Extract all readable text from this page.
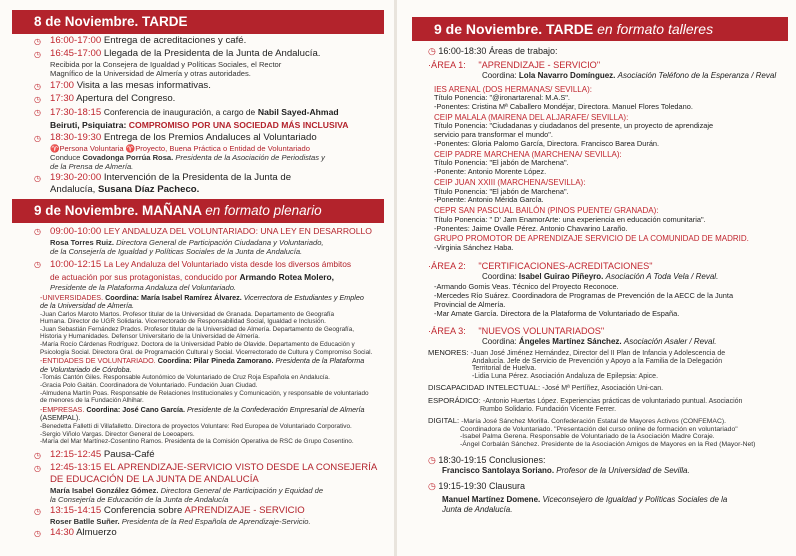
8 de Noviembre. TARDE
◷ 16:00-17:00 Entrega de acreditaciones y café.
◷ 16:45-17:00 Llegada de la Presidenta de la Junta de Andalucía.
Recibida por la Consejera de Igualdad y Políticas Sociales, el Rector
Magnífico de la Universidad de Almería y otras autoridades.
◷ 17:00 Visita a las mesas informativas.
◷ 17:30 Apertura del Congreso.
◷ 17:30-18:15 Conferencia de inauguración, a cargo de Nabil Sayed-Ahmad
Beiruti, Psiquiatra: COMPROMISO POR UNA SOCIEDAD MÁS INCLUSIVA
◷ 18:30-19:30 Entrega de los Premios Andaluces al Voluntariado
♈Persona Voluntaria ♈Proyecto, Buena Práctica o Entidad de Voluntariado
Conduce Covadonga Porrúa Rosa. Presidenta de la Asociación de Periodistas y
de la Prensa de Almería.
◷ 19:30-20:00 Intervención de la Presidenta de la Junta de
Andalucía, Susana Díaz Pacheco.
9 de Noviembre. MAÑANA en formato plenario
◷ 09:00-10:00 LEY ANDALUZA DEL VOLUNTARIADO: UNA LEY EN DESARROLLO
Rosa Torres Ruiz. Directora General de Participación Ciudadana y Voluntariado,
de la Consejería de Igualdad y Políticas Sociales de la Junta de Andalucía.
◷ 10:00-12:15 La Ley Andaluza del Voluntariado vista desde los diversos ámbitos
de actuación por sus protagonistas, conducido por Armando Rotea Molero,
Presidente de la Plataforma Andaluza del Voluntariado.
-UNIVERSIDADES. Coordina: María Isabel Ramírez Álvarez. Vicerrectora de Estudiantes y Empleo
de la Universidad de Almería.
-Juan Carlos Maroto Martos. Profesor titular de la Universidad de Granada. Departamento de Geografía
Humana. Director de UGR Solidaria. Vicerrectorado de Responsabilidad Social, Igualdad e Inclusión.
-Juan Sebastián Fernández Prados. Profesor titular de la Universidad de Almería. Departamento de Geografía,
Historia y Humanidades. Defensor Universitario de la Universidad de Almería.
-María Rocío Cárdenas Rodríguez. Doctora de la Universidad Pablo de Olavide. Departamento de Educación y
Psicología Social. Directora Gral. de Programación Cultural y Social. Vicerrectorado de Cultura y Compromiso Social.
-ENTIDADES DE VOLUNTARIADO. Coordina: Pilar Pineda Zamorano. Presidenta de la Plataforma
de Voluntariado de Córdoba.
-Tomás Cantón Giles. Responsable Autonómico de Voluntariado de Cruz Roja Española en Andalucía.
-Gracia Polo Gaitán. Coordinadora de Voluntariado. Fundación Juan Ciudad.
-Almudena Martín Poas. Responsable de Relaciones Institucionales y Comunicación, y responsable de voluntariado
de menores de la Fundación Alhihar.
-EMPRESAS. Coordina: José Cano García. Presidente de la Confederación Empresarial de Almería
(ASEMPAL).
-Benedetta Falletti di Villafalletto. Directora de proyectos Voluntare: Red Europea de Voluntariado Corporativo.
-Sergio Viñolo Vargas. Director General de Loeoapers.
-María del Mar Martínez-Cosentino Ramos. Presidenta de la Comisión Operativa de RSC de Grupo Cosentino.
◷ 12:15-12:45 Pausa-Café
◷ 12:45-13:15 EL APRENDIZAJE-SERVICIO VISTO DESDE LA CONSEJERÍA
DE EDUCACIÓN DE LA JUNTA DE ANDALUCÍA
María Isabel González Gómez. Directora General de Participación y Equidad de
la Consejería de Educación de la Junta de Andalucía
◷ 13:15-14:15 Conferencia sobre APRENDIZAJE - SERVICIO
Roser Batlle Suñer. Presidenta de la Red Española de Aprendizaje-Servicio.
◷ 14:30 Almuerzo
9 de Noviembre. TARDE en formato talleres
◷ 16:00-18:30 Áreas de trabajo:
·ÁREA 1: "APRENDIZAJE - SERVICIO"
Coordina: Lola Navarro Domínguez. Asociación Teléfono de la Esperanza / Reval
IES ARENAL (DOS HERMANAS/ SEVILLA):
Título Ponencia: "@ironartarenal: M.A.S".
-Ponentes: Cristina Mª Caballero Mondéjar, Directora. Manuel Flores Toledano.
CEIP MALALA (MAIRENA DEL ALJARAFE/ SEVILLA):
Título Ponencia: "Ciudadanas y ciudadanos del presente, un proyecto de aprendizaje
servicio para transformar el mundo".
-Ponentes: Gloria Palomo García, Directora. Francisco Barea Durán.
CEIP PADRE MARCHENA (MARCHENA/ SEVILLA):
Título Ponencia: "El jabón de Marchena".
-Ponente: Antonio Morente López.
CEIP JUAN XXIII (MARCHENA/SEVILLA):
Título Ponencia: "El jabón de Marchena".
-Ponente: Antonio Mérida García.
CEPR SAN PASCUAL BAILÓN (PINOS PUENTE/ GRANADA):
Título Ponencia: " D' Jam EnamorArte: una experiencia en educación comunitaria".
-Ponentes: Jaime Ovalle Pérez. Antonio Chavarino Laraño.
GRUPO PROMOTOR DE APRENDIZAJE SERVICIO DE LA COMUNIDAD DE MADRID.
-Virginia Sánchez Haba.
·ÁREA 2: "CERTIFICACIONES-ACREDITACIONES"
Coordina: Isabel Guirao Piñeyro. Asociación A Toda Vela / Reval.
-Armando Gomis Veas. Técnico del Proyecto Reconoce.
-Mercedes Río Suárez. Coordinadora de Programas de Prevención de la AECC de la Junta
Provincial de Almería.
-Mar Amate García. Directora de la Plataforma de Voluntariado de España.
·ÁREA 3: "NUEVOS VOLUNTARIADOS"
Coordina: Ángeles Martínez Sánchez. Asociación Asaler / Reval.
MENORES: -Juan José Jiménez Hernández, Director del II Plan de Infancia y Adolescencia de
Andalucía. Jefe de Servicio de Prevención y Apoyo a la Familia de la Delegación
Territorial de Huelva.
-Lidia Luna Pérez. Asociación Andaluza de Epilepsia: Apice.
DISCAPACIDAD INTELECTUAL: -José Mª Pertíñez, Asociación Uni-can.
ESPORÁDICO: -Antonio Huertas López. Experiencias prácticas de voluntariado puntual. Asociación
Rumbo Solidario. Fundación Vicente Ferrer.
DIGITAL: -María José Sánchez Morilla. Confederación Estatal de Mayores Activos (CONFEMAC).
Coordinadora de Voluntariado. "Presentación del curso online de formación en voluntariado"
-Isabel Palma Gerena. Responsable de Voluntariado de la Asociación Madre Coraje.
-Ángel Corbalán Sánchez. Presidente de la Asociación Amigos de Mayores en la Red (Mayor-Net)
◷ 18:30-19:15 Conclusiones:
Francisco Santolaya Soriano. Profesor de la Universidad de Sevilla.
◷ 19:15-19:30 Clausura
Manuel Martínez Domene. Viceconsejero de Igualdad y Políticas Sociales de la
Junta de Andalucía.
